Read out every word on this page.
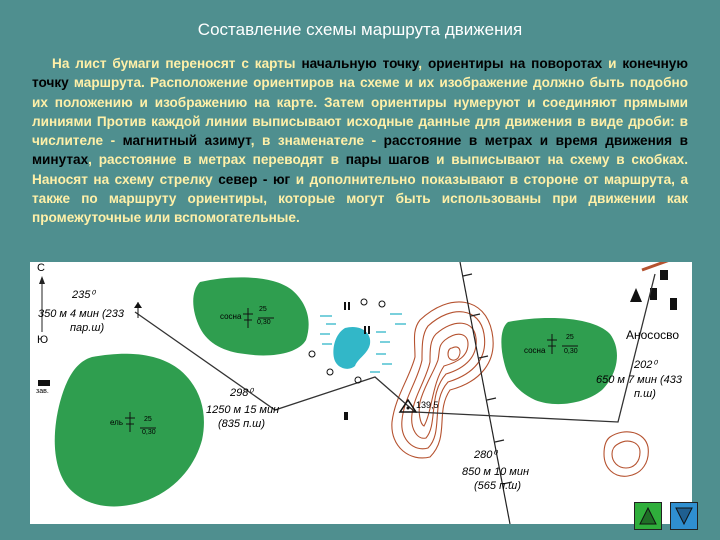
Составление схемы маршрута движения
На лист бумаги переносят с карты начальную точку, ориентиры на поворотах и конечную точку маршрута. Расположение ориентиров на схеме и их изображение должно быть подобно их положению и изображению на карте. Затем ориентиры нумеруют и соединяют прямыми линиями Против каждой линии выписывают исходные данные для движения в виде дроби: в числителе - магнитный азимут, в знаменателе - расстояние в метрах и время движения в минутах, расстояние в метрах переводят в пары шагов и выписывают на схему в скобках. Наносят на схему стрелку север - юг и дополнительно показывают в стороне от маршрута, а также по маршруту ориентиры, которые могут быть использованы при движении как промежуточные или вспомогательные.
С
Ю
235⁰
350 м 4 мин (233
пар.ш)
298⁰
1250 м 15 мин
(835 п.ш)
280⁰
850 м 10 мин
(565 п.ш)
202⁰
650 м 7 мин (433
п.ш)
сосна
25
0,30
ель	25
0,30
сосна
25
0,30
Анососво
139,5
зав.
